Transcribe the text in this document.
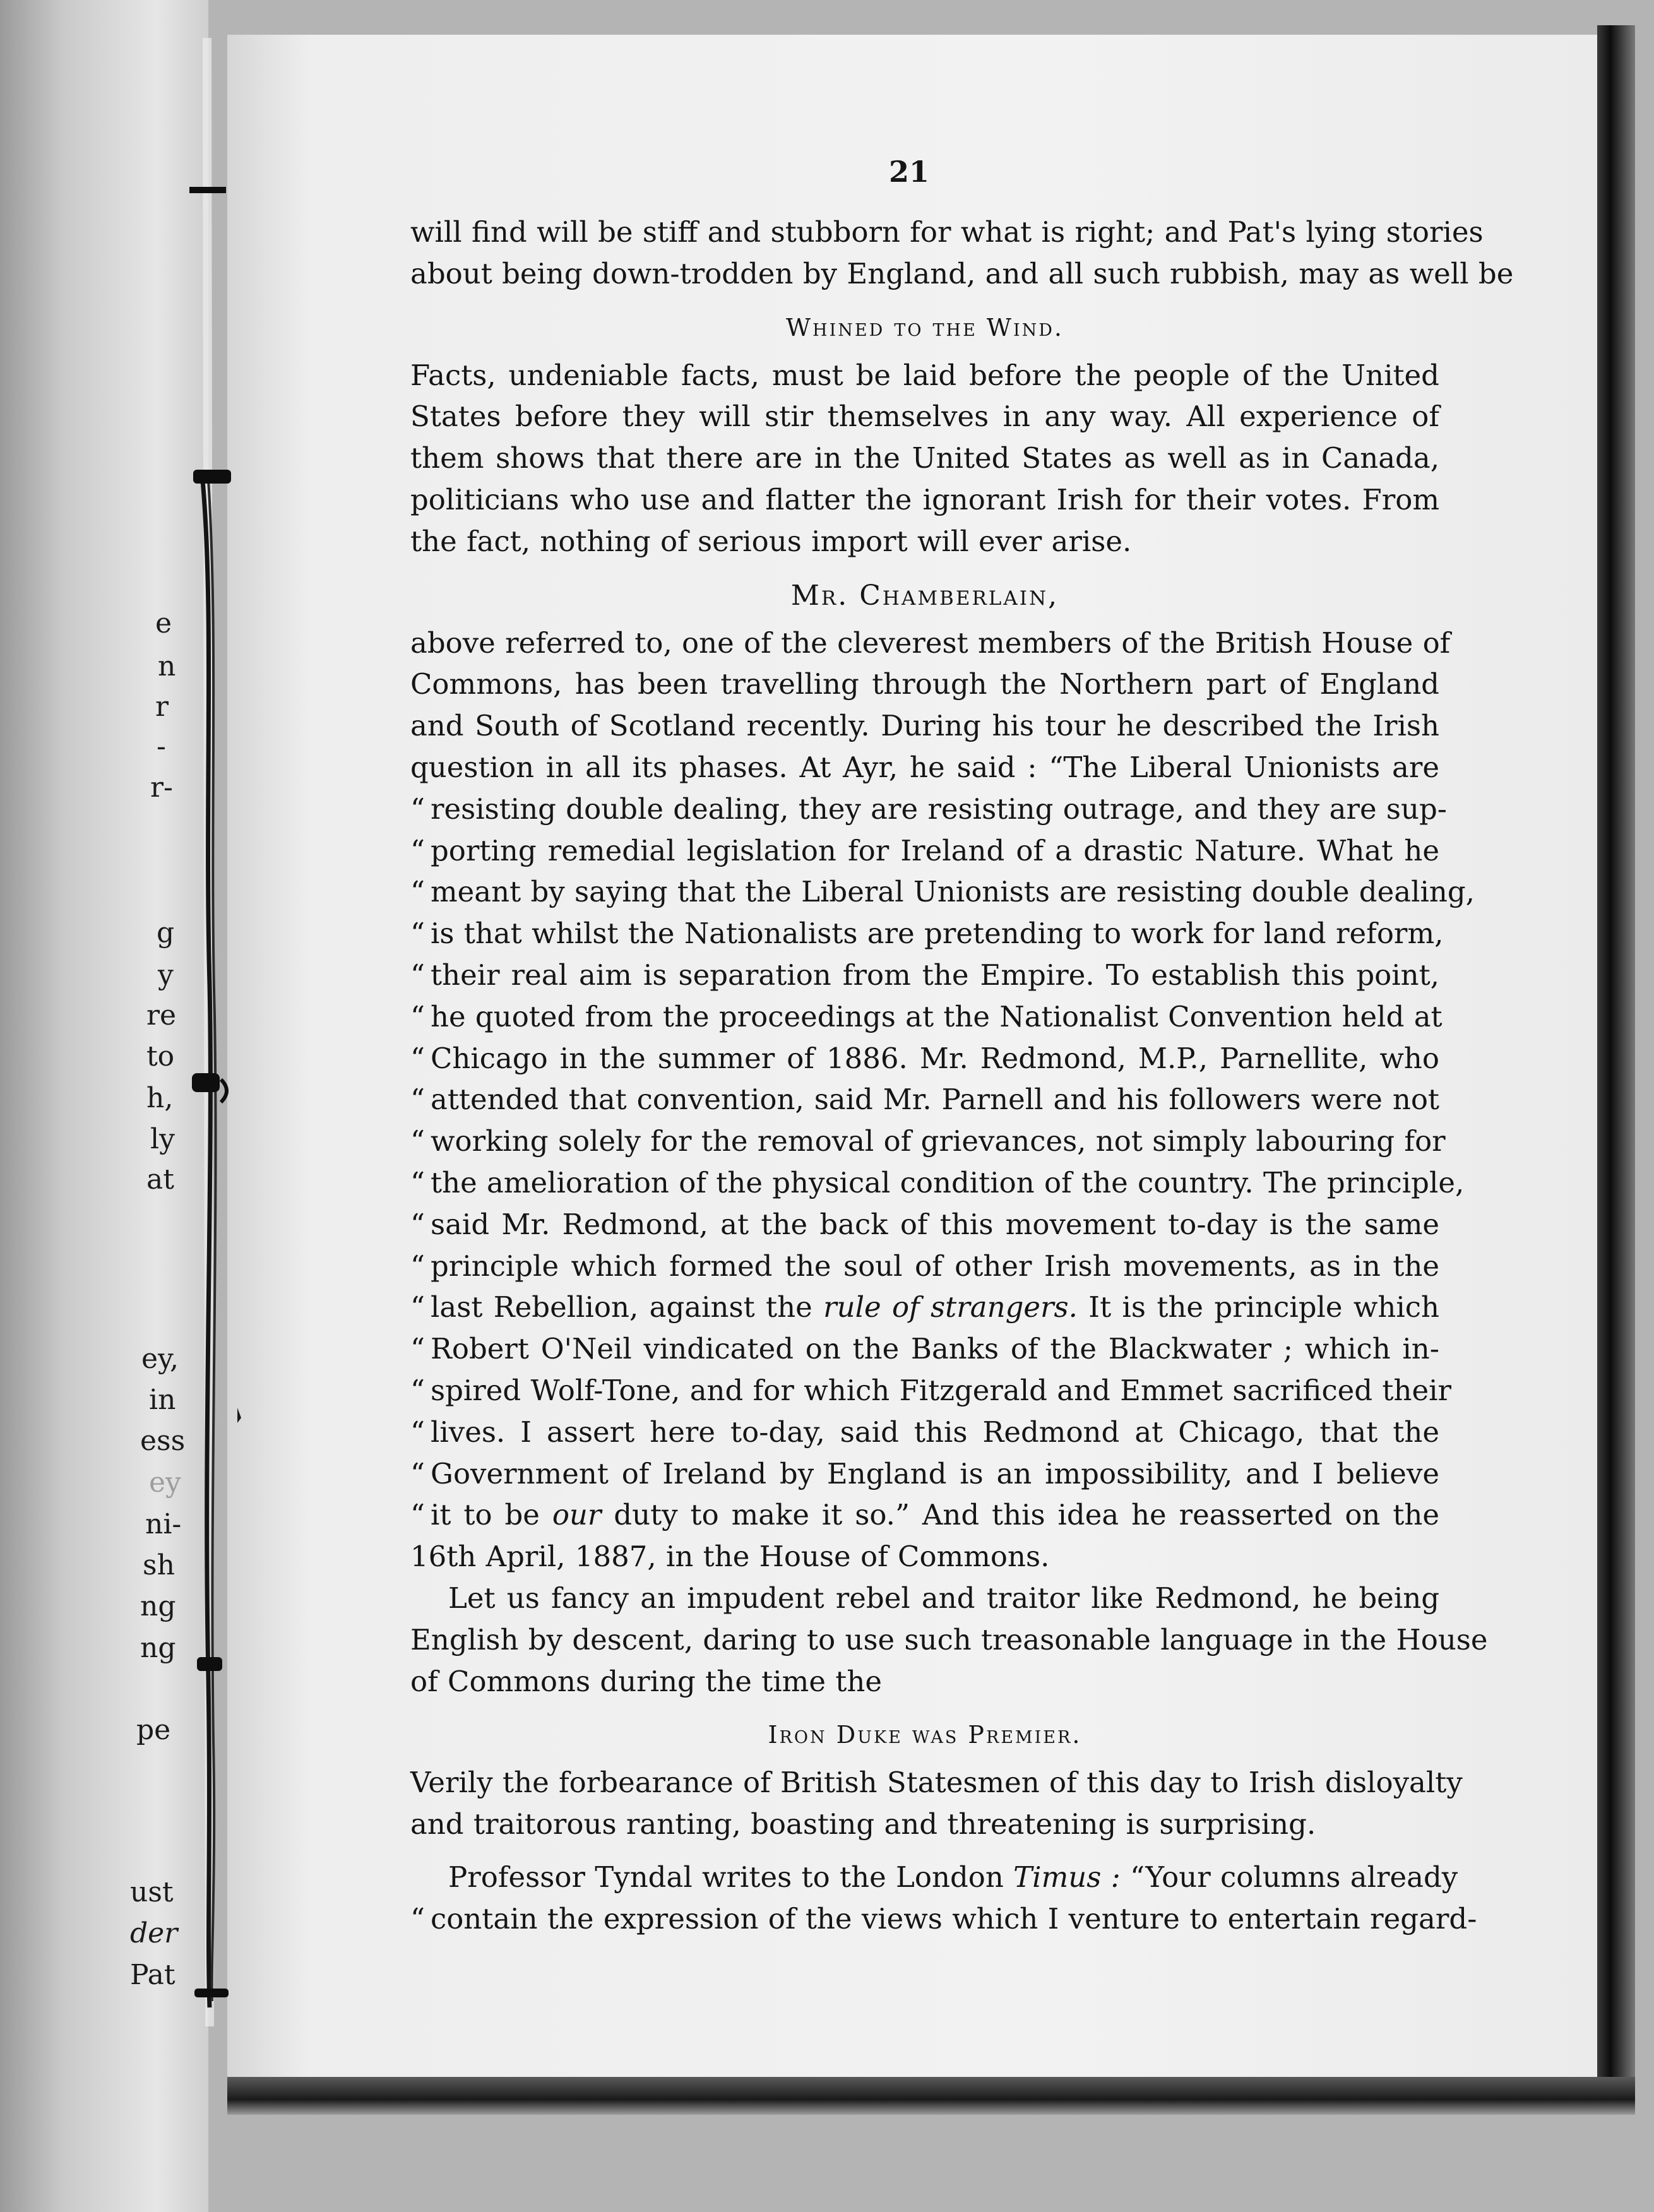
e
n
r
-
r-
g
y
re
to
h,
ly
at
ey,
in
ess
ey
ni-
sh
ng
ng
pe
ust
der
Pat
21
will find will be stiff and stubborn for what is right; and Pat's lying stories
about being down-trodden by England, and all such rubbish, may as well be
Whined to the Wind.
Facts, undeniable facts, must be laid before the people of the United
States before they will stir themselves in any way. All experience of
them shows that there are in the United States as well as in Canada,
politicians who use and flatter the ignorant Irish for their votes. From
the fact, nothing of serious import will ever arise.
Mr. Chamberlain,
above referred to, one of the cleverest members of the British House of
Commons, has been travelling through the Northern part of England
and South of Scotland recently. During his tour he described the Irish
question in all its phases. At Ayr, he said : “The Liberal Unionists are
“ resisting double dealing, they are resisting outrage, and they are sup-
“ porting remedial legislation for Ireland of a drastic Nature. What he
“ meant by saying that the Liberal Unionists are resisting double dealing,
“ is that whilst the Nationalists are pretending to work for land reform,
“ their real aim is separation from the Empire. To establish this point,
“ he quoted from the proceedings at the Nationalist Convention held at
“ Chicago in the summer of 1886. Mr. Redmond, M.P., Parnellite, who
“ attended that convention, said Mr. Parnell and his followers were not
“ working solely for the removal of grievances, not simply labouring for
“ the amelioration of the physical condition of the country. The principle,
“ said Mr. Redmond, at the back of this movement to-day is the same
“ principle which formed the soul of other Irish movements, as in the
“ last Rebellion, against the rule of strangers. It is the principle which
“ Robert O'Neil vindicated on the Banks of the Blackwater ; which in-
“ spired Wolf-Tone, and for which Fitzgerald and Emmet sacrificed their
“ lives. I assert here to-day, said this Redmond at Chicago, that the
“ Government of Ireland by England is an impossibility, and I believe
“ it to be our duty to make it so.” And this idea he reasserted on the
16th April, 1887, in the House of Commons.
Let us fancy an impudent rebel and traitor like Redmond, he being
English by descent, daring to use such treasonable language in the House
of Commons during the time the
Iron Duke was Premier.
Verily the forbearance of British Statesmen of this day to Irish disloyalty
and traitorous ranting, boasting and threatening is surprising.
Professor Tyndal writes to the London Timus : “Your columns already
“ contain the expression of the views which I venture to entertain regard-
